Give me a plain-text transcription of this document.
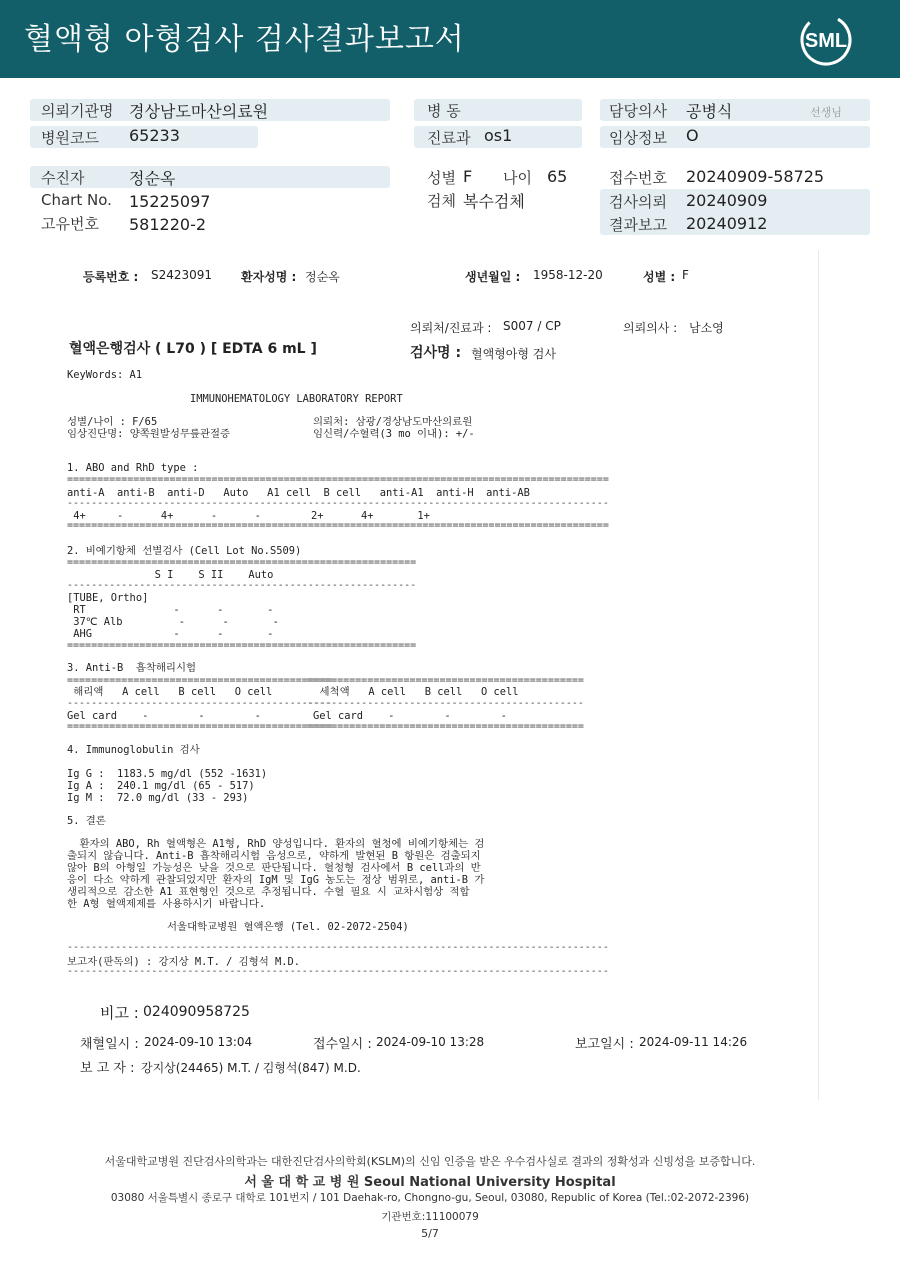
혈액형 아형검사 검사결과보고서	SML
의뢰기관명 경상남도마산의료원
병원코드 65233
병 동
진료과 os1
담당의사 공병식	선생님
임상정보 O
수진자	정순옥
Chart No. 15225097
고유번호 581220-2
성별 F 나이 65
검체 복수검체
접수번호 20240909-58725
검사의뢰 20240909
결과보고 20240912
등록번호 : S2423091 환자성명 : 정순옥	생년월일 : 1958-12-20	성별 : F
의뢰처/진료과 : S007 / CP	의뢰의사 : 남소영
혈액은행검사 ( L70 ) [ EDTA 6 mL ]	검사명 : 혈액형아형 검사
KeyWords: A1
IMMUNOHEMATOLOGY LABORATORY REPORT
성별/나이 : F/65
임상진단명: 양쪽원발성무릎관절증
의뢰처: 삼광/경상남도마산의료원
임신력/수혈력(3 mo 이내): +/-
1. ABO and RhD type :
==========================================================================================
anti-A  anti-B  anti-D   Auto   A1 cell  B cell   anti-A1  anti-H  anti-AB
------------------------------------------------------------------------------------------
4+     -      4+      -      -        2+      4+       1+
==========================================================================================
2. 비예기항체 선별검사 (Cell Lot No.S509)
==========================================================
S I    S II    Auto
----------------------------------------------------------
[TUBE, Ortho]
RT              -      -       -
37℃ Alb         -      -       -
AHG             -      -       -
==========================================================
3. Anti-B  흡착해리시험
============================================
해리액   A cell   B cell   O cell
--------------------------------------------
Gel card    -        -        -
============================================
==============================================
세척액   A cell   B cell   O cell
----------------------------------------------
Gel card    -        -        -
==============================================
4. Immunoglobulin 검사
Ig G :  1183.5 mg/dl (552 -1631)
Ig A :  240.1 mg/dl (65 - 517)
Ig M :  72.0 mg/dl (33 - 293)
5. 결론
환자의 ABO, Rh 혈액형은 A1형, RhD 양성입니다. 환자의 혈청에 비예기항체는 검
출되지 않습니다. Anti-B 흡착해리시험 음성으로, 약하게 발현된 B 항원은 검출되지
않아 B의 아형일 가능성은 낮을 것으로 판단됩니다. 혈청형 검사에서 B cell과의 반
응이 다소 약하게 관찰되었지만 환자의 IgM 및 IgG 농도는 정상 범위로, anti-B 가
생리적으로 감소한 A1 표현형인 것으로 추정됩니다. 수혈 필요 시 교차시험상 적합
한 A형 혈액제제를 사용하시기 바랍니다.
서울대학교병원 혈액은행 (Tel. 02-2072-2504)
------------------------------------------------------------------------------------------
보고자(판독의) : 강지상 M.T. / 김형석 M.D.
------------------------------------------------------------------------------------------
비고 : 024090958725
채혈일시 : 2024-09-10 13:04	접수일시 : 2024-09-10 13:28	보고일시 : 2024-09-11 14:26
보 고 자 : 강지상(24465) M.T. / 김형석(847) M.D.
서울대학교병원 진단검사의학과는 대한진단검사의학회(KSLM)의 신임 인증을 받은 우수검사실로 결과의 정확성과 신빙성을 보증합니다.
서 울 대 학 교 병 원 Seoul National University Hospital
03080 서울특별시 종로구 대학로 101번지 / 101 Daehak-ro, Chongno-gu, Seoul, 03080, Republic of Korea (Tel.:02-2072-2396)
기관번호:11100079
5/7
